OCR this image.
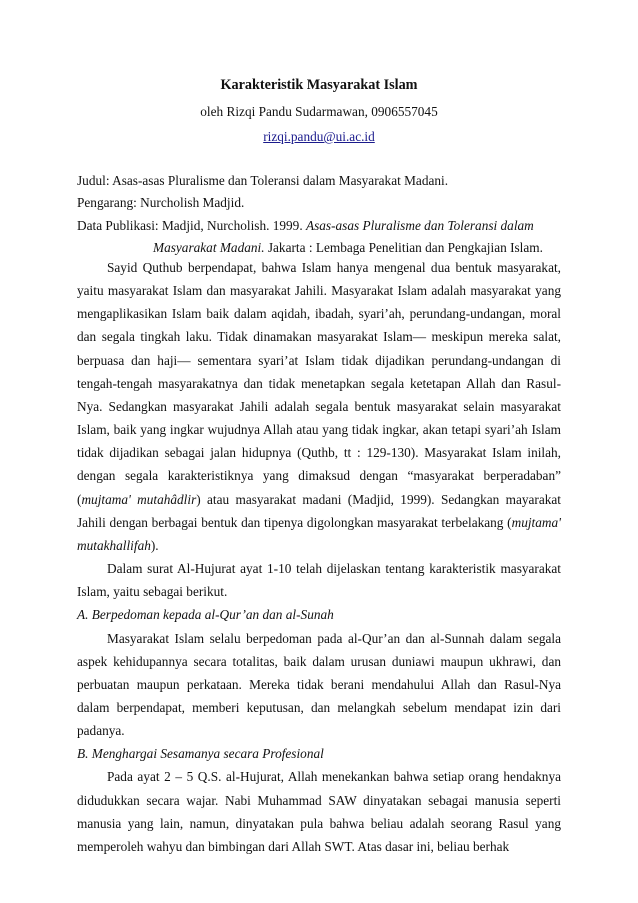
Karakteristik Masyarakat Islam
oleh Rizqi Pandu Sudarmawan, 0906557045
rizqi.pandu@ui.ac.id
Judul: Asas-asas Pluralisme dan Toleransi dalam Masyarakat Madani.
Pengarang: Nurcholish Madjid.
Data Publikasi: Madjid, Nurcholish. 1999. Asas-asas Pluralisme dan Toleransi dalam
Masyarakat Madani. Jakarta : Lembaga Penelitian dan Pengkajian Islam.

Sayid Quthub berpendapat, bahwa Islam hanya mengenal dua bentuk masyarakat, yaitu masyarakat Islam dan masyarakat Jahili. Masyarakat Islam adalah masyarakat yang mengaplikasikan Islam baik dalam aqidah, ibadah, syari’ah, perundang-undangan, moral dan segala tingkah laku. Tidak dinamakan masyarakat Islam— meskipun mereka salat, berpuasa dan haji— sementara syari’at Islam tidak dijadikan perundang-undangan di tengah-tengah masyarakatnya dan tidak menetapkan segala ketetapan Allah dan Rasul-Nya. Sedangkan masyarakat Jahili adalah segala bentuk masyarakat selain masyarakat Islam, baik yang ingkar wujudnya Allah atau yang tidak ingkar, akan tetapi syari’ah Islam tidak dijadikan sebagai jalan hidupnya (Quthb, tt : 129-130). Masyarakat Islam inilah, dengan segala karakteristiknya yang dimaksud dengan “masyarakat berperadaban” (mujtama' mutahâdlir) atau masyarakat madani (Madjid, 1999). Sedangkan mayarakat Jahili dengan berbagai bentuk dan tipenya digolongkan masyarakat terbelakang (mujtama' mutakhallifah).

Dalam surat Al-Hujurat ayat 1-10 telah dijelaskan tentang karakteristik masyarakat Islam, yaitu sebagai berikut.

A. Berpedoman kepada al-Qur’an dan al-Sunah

Masyarakat Islam selalu berpedoman pada al-Qur’an dan al-Sunnah dalam segala aspek kehidupannya secara totalitas, baik dalam urusan duniawi maupun ukhrawi, dan perbuatan maupun perkataan. Mereka tidak berani mendahului Allah dan Rasul-Nya dalam berpendapat, memberi keputusan, dan melangkah sebelum mendapat izin dari padanya.

B. Menghargai Sesamanya secara Profesional

Pada ayat 2 – 5 Q.S. al-Hujurat, Allah menekankan bahwa setiap orang hendaknya didudukkan secara wajar. Nabi Muhammad SAW dinyatakan sebagai manusia seperti manusia yang lain, namun, dinyatakan pula bahwa beliau adalah seorang Rasul yang memperoleh wahyu dan bimbingan dari Allah SWT. Atas dasar ini, beliau berhak
